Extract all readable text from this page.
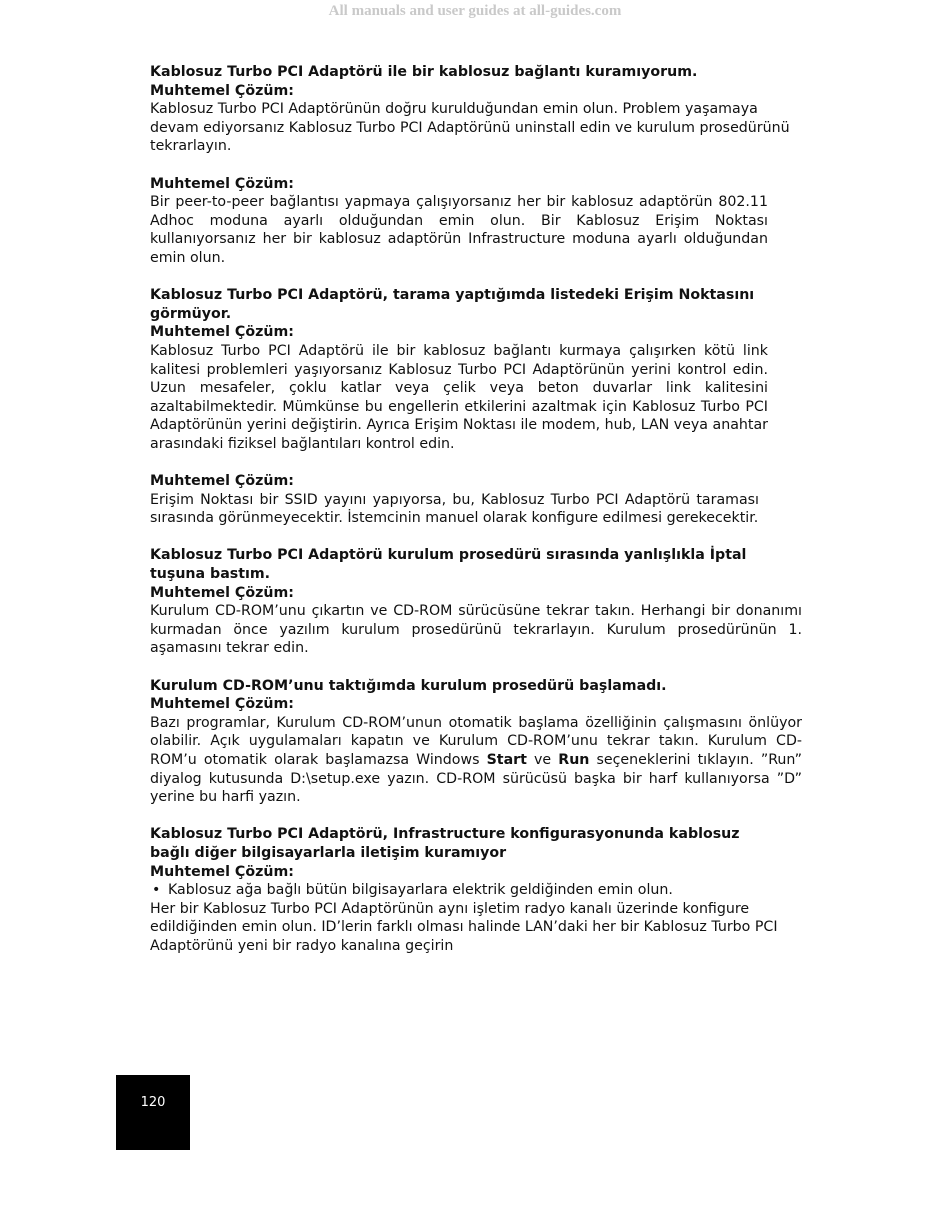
All manuals and user guides at all-guides.com

Kablosuz Turbo PCI Adaptörü ile bir kablosuz bağlantı kuramıyorum.

Muhtemel Çözüm:

Kablosuz Turbo PCI Adaptörünün doğru kurulduğundan emin olun. Problem yaşamaya devam ediyorsanız Kablosuz Turbo PCI Adaptörünü uninstall edin ve kurulum prosedürünü tekrarlayın.

Muhtemel Çözüm:

Bir peer-to-peer bağlantısı yapmaya çalışıyorsanız her bir kablosuz adaptörün 802.11 Adhoc moduna ayarlı olduğundan emin olun. Bir Kablosuz Erişim Noktası kullanıyorsanız her bir kablosuz adaptörün Infrastructure moduna ayarlı olduğundan emin olun.

Kablosuz Turbo PCI Adaptörü, tarama yaptığımda listedeki Erişim Noktasını görmüyor.

Muhtemel Çözüm:

Kablosuz Turbo PCI Adaptörü ile bir kablosuz bağlantı kurmaya çalışırken kötü link kalitesi problemleri yaşıyorsanız Kablosuz Turbo PCI Adaptörünün yerini kontrol edin. Uzun mesafeler, çoklu katlar veya çelik veya beton duvarlar link kalitesini azaltabilmektedir. Mümkünse bu engellerin etkilerini azaltmak için Kablosuz Turbo PCI Adaptörünün yerini değiştirin. Ayrıca Erişim Noktası ile modem, hub, LAN veya anahtar arasındaki fiziksel bağlantıları kontrol edin.

Muhtemel Çözüm:

Erişim Noktası bir SSID yayını yapıyorsa, bu, Kablosuz Turbo PCI Adaptörü taraması sırasında görünmeyecektir. İstemcinin manuel olarak konfigure edilmesi gerekecektir.

Kablosuz Turbo PCI Adaptörü kurulum prosedürü sırasında yanlışlıkla İptal tuşuna bastım.

Muhtemel Çözüm:

Kurulum CD-ROM’unu çıkartın ve CD-ROM sürücüsüne tekrar takın. Herhangi bir donanımı kurmadan önce yazılım kurulum prosedürünü tekrarlayın. Kurulum prosedürünün 1. aşamasını tekrar edin.

Kurulum CD-ROM’unu taktığımda kurulum prosedürü başlamadı.

Muhtemel Çözüm:

Bazı programlar, Kurulum CD-ROM’unun otomatik başlama özelliğinin çalışmasını önlüyor olabilir. Açık uygulamaları kapatın ve Kurulum CD-ROM’unu tekrar takın. Kurulum CD-ROM’u otomatik olarak başlamazsa Windows Start ve Run seçeneklerini tıklayın. ”Run” diyalog kutusunda D:\setup.exe yazın. CD-ROM sürücüsü başka bir harf kullanıyorsa ”D” yerine bu harfi yazın.

Kablosuz Turbo PCI Adaptörü, Infrastructure konfigurasyonunda kablosuz bağlı diğer bilgisayarlarla iletişim kuramıyor

Muhtemel Çözüm:

• Kablosuz ağa bağlı bütün bilgisayarlara elektrik geldiğinden emin olun.

Her bir Kablosuz Turbo PCI Adaptörünün aynı işletim radyo kanalı üzerinde konfigure edildiğinden emin olun. ID’lerin farklı olması halinde LAN’daki her bir Kablosuz Turbo PCI Adaptörünü yeni bir radyo kanalına geçirin

120
